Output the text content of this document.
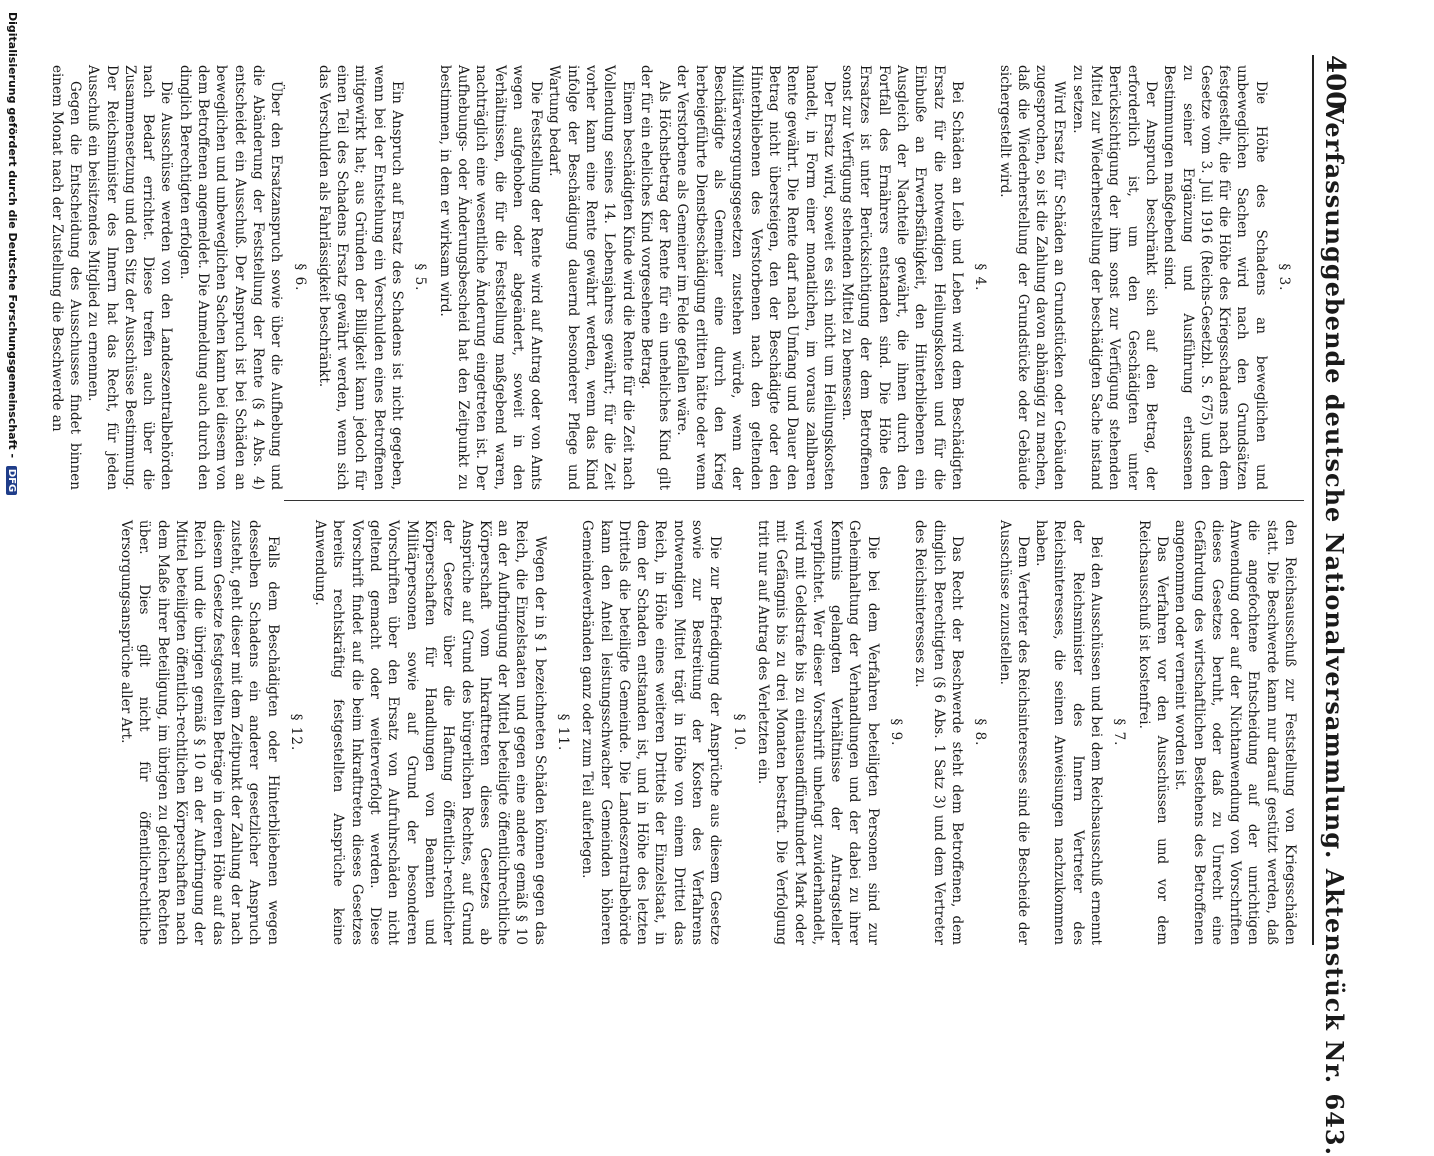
400
Verfassunggebende deutsche Nationalversammlung. Aktenstück Nr. 643.
§ 3.
Die Höhe des Schadens an beweglichen und unbeweglichen Sachen wird nach den Grundsätzen festgestellt, die für die Höhe des Kriegsschadens nach dem Gesetze vom 3. Juli 1916 (Reichs-Gesetzbl. S. 675) und den zu seiner Ergänzung und Ausführung erlassenen Bestimmungen maßgebend sind.
Der Anspruch beschränkt sich auf den Betrag, der erforderlich ist, um den Geschädigten unter Berücksichtigung der ihm sonst zur Verfügung stehenden Mittel zur Wiederherstellung der beschädigten Sache instand zu setzen.
Wird Ersatz für Schäden an Grundstücken oder Gebäuden zugesprochen, so ist die Zahlung davon abhängig zu machen, daß die Wiederherstellung der Grundstücke oder Gebäude sichergestellt wird.
§ 4.
Bei Schäden an Leib und Leben wird dem Beschädigten Ersatz für die notwendigen Heilungskosten und für die Einbuße an Erwerbsfähigkeit, den Hinterbliebenen ein Ausgleich der Nachteile gewährt, die ihnen durch den Fortfall des Ernährers entstanden sind. Die Höhe des Ersatzes ist unter Berücksichtigung der dem Betroffenen sonst zur Verfügung stehenden Mittel zu bemessen.
Der Ersatz wird, soweit es sich nicht um Heilungskosten handelt, in Form einer monatlichen, im voraus zahlbaren Rente gewährt. Die Rente darf nach Umfang und Dauer den Betrag nicht übersteigen, den der Beschädigte oder den Hinterbliebenen des Verstorbenen nach den geltenden Militärversorgungsgesetzen zustehen würde, wenn der Beschädigte als Gemeiner eine durch den Krieg herbeigeführte Dienstbeschädigung erlitten hätte oder wenn der Verstorbene als Gemeiner im Felde gefallen wäre.
Als Höchstbetrag der Rente für ein uneheliches Kind gilt der für ein eheliches Kind vorgesehene Betrag.
Einem beschädigten Kinde wird die Rente für die Zeit nach Vollendung seines 14. Lebensjahres gewährt; für die Zeit vorher kann eine Rente gewährt werden, wenn das Kind infolge der Beschädigung dauernd besonderer Pflege und Wartung bedarf.
Die Feststellung der Rente wird auf Antrag oder von Amts wegen aufgehoben oder abgeändert, soweit in den Verhältnissen, die für die Feststellung maßgebend waren, nachträglich eine wesentliche Änderung eingetreten ist. Der Aufhebungs- oder Änderungsbescheid hat den Zeitpunkt zu bestimmen, in dem er wirksam wird.
§ 5.
Ein Anspruch auf Ersatz des Schadens ist nicht gegeben, wenn bei der Entstehung ein Verschulden eines Betroffenen mitgewirkt hat; aus Gründen der Billigkeit kann jedoch für einen Teil des Schadens Ersatz gewährt werden, wenn sich das Verschulden als Fahrlässigkeit beschränkt.
§ 6.
Über den Ersatzanspruch sowie über die Aufhebung und die Abänderung der Feststellung der Rente (§ 4 Abs. 4) entscheidet ein Ausschuß. Der Anspruch ist bei Schäden an beweglichen und unbeweglichen Sachen kann bei diesem von dem Betroffenen angemeldet. Die Anmeldung auch durch den dinglich Berechtigten erfolgen.
Die Ausschüsse werden von den Landeszentralbehörden nach Bedarf errichtet. Diese treffen auch über die Zusammensetzung und den Sitz der Ausschüsse Bestimmung. Der Reichsminister des Innern hat das Recht, für jeden Ausschuß ein beisitzendes Mitglied zu ernennen.
Gegen die Entscheidung des Ausschusses findet binnen einem Monat nach der Zustellung die Beschwerde an
den Reichsausschuß zur Feststellung von Kriegsschäden statt. Die Beschwerde kann nur darauf gestützt werden, daß die angefochtene Entscheidung auf der unrichtigen Anwendung oder auf der Nichtanwendung von Vorschriften dieses Gesetzes beruht, oder daß zu Unrecht eine Gefährdung des wirtschaftlichen Bestehens des Betroffenen angenommen oder verneint worden ist.
Das Verfahren vor den Ausschüssen und vor dem Reichsausschuß ist kostenfrei.
§ 7.
Bei den Ausschüssen und bei dem Reichsausschuß ernennt der Reichsminister des Innern Vertreter des Reichsinteresses, die seinen Anweisungen nachzukommen haben.
Dem Vertreter des Reichsinteresses sind die Bescheide der Ausschüsse zuzustellen.
§ 8.
Das Recht der Beschwerde steht dem Betroffenen, dem dinglich Berechtigten (§ 6 Abs. 1 Satz 3) und dem Vertreter des Reichsinteresses zu.
§ 9.
Die bei dem Verfahren beteiligten Personen sind zur Geheimhaltung der Verhandlungen und der dabei zu ihrer Kenntnis gelangten Verhältnisse der Antragsteller verpflichtet. Wer dieser Vorschrift unbefugt zuwiderhandelt, wird mit Geldstrafe bis zu eintausendfünfhundert Mark oder mit Gefängnis bis zu drei Monaten bestraft. Die Verfolgung tritt nur auf Antrag des Verletzten ein.
§ 10.
Die zur Befriedigung der Ansprüche aus diesem Gesetze sowie zur Bestreitung der Kosten des Verfahrens notwendigen Mittel trägt in Höhe von einem Drittel das Reich, in Höhe eines weiteren Drittels der Einzelstaat, in dem der Schaden entstanden ist, und in Höhe des letzten Drittels die beteiligte Gemeinde. Die Landeszentralbehörde kann den Anteil leistungsschwacher Gemeinden höheren Gemeindeverbänden ganz oder zum Teil auferlegen.
§ 11.
Wegen der in § 1 bezeichneten Schäden können gegen das Reich, die Einzelstaaten und gegen eine andere gemäß § 10 an der Aufbringung der Mittel beteiligte öffentlichrechtliche Körperschaft vom Inkrafttreten dieses Gesetzes ab Ansprüche auf Grund des bürgerlichen Rechtes, auf Grund der Gesetze über die Haftung öffentlich-rechtlicher Körperschaften für Handlungen von Beamten und Militärpersonen sowie auf Grund der besonderen Vorschriften über den Ersatz von Aufruhrschäden nicht geltend gemacht oder weiterverfolgt werden. Diese Vorschrift findet auf die beim Inkrafttreten dieses Gesetzes bereits rechtskräftig festgestellten Ansprüche keine Anwendung.
§ 12.
Falls dem Beschädigten oder Hinterbliebenen wegen desselben Schadens ein anderer gesetzlicher Anspruch zusteht, geht dieser mit dem Zeitpunkt der Zahlung der nach diesem Gesetze festgestellten Beträge in deren Höhe auf das Reich und die übrigen gemäß § 10 an der Aufbringung der Mittel beteiligten öffentlich-rechtlichen Körperschaften nach dem Maße ihrer Beteiligung, im übrigen zu gleichen Rechten über. Dies gilt nicht für öffentlichrechtliche Versorgungsansprüche aller Art.
Digitalisierung gefördert durch die Deutsche Forschungsgemeinschaft - DFG
